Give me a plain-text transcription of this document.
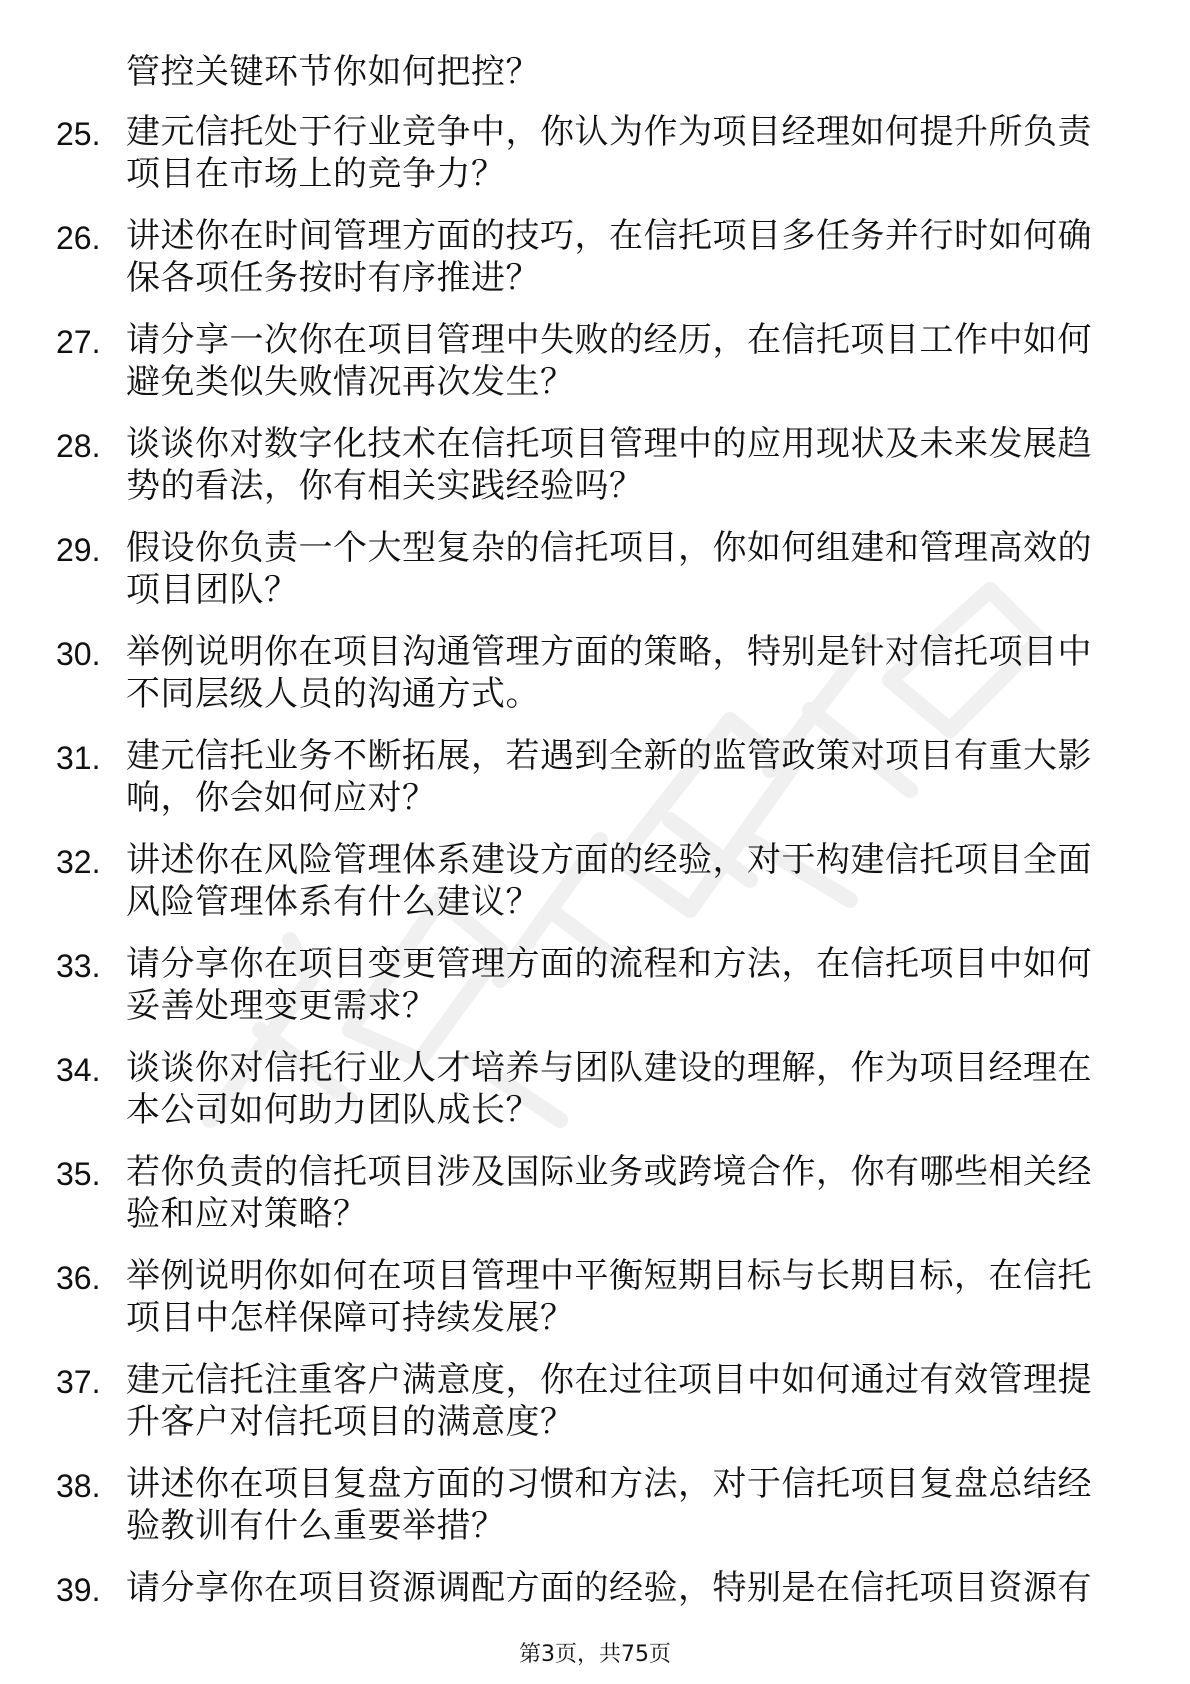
管控关键环节你如何把控？
25. 建元信托处于行业竞争中，你认为作为项目经理如何提升所负责
项目在市场上的竞争力？
26. 讲述你在时间管理方面的技巧，在信托项目多任务并行时如何确
保各项任务按时有序推进？
27. 请分享一次你在项目管理中失败的经历，在信托项目工作中如何
避免类似失败情况再次发生？
28. 谈谈你对数字化技术在信托项目管理中的应用现状及未来发展趋
势的看法，你有相关实践经验吗？
29. 假设你负责一个大型复杂的信托项目，你如何组建和管理高效的
项目团队？
30. 举例说明你在项目沟通管理方面的策略，特别是针对信托项目中
不同层级人员的沟通方式。
31. 建元信托业务不断拓展，若遇到全新的监管政策对项目有重大影
响，你会如何应对？
32. 讲述你在风险管理体系建设方面的经验，对于构建信托项目全面
风险管理体系有什么建议？
33. 请分享你在项目变更管理方面的流程和方法，在信托项目中如何
妥善处理变更需求？
34. 谈谈你对信托行业人才培养与团队建设的理解，作为项目经理在
本公司如何助力团队成长？
35. 若你负责的信托项目涉及国际业务或跨境合作，你有哪些相关经
验和应对策略？
36. 举例说明你如何在项目管理中平衡短期目标与长期目标，在信托
项目中怎样保障可持续发展？
37. 建元信托注重客户满意度，你在过往项目中如何通过有效管理提
升客户对信托项目的满意度？
38. 讲述你在项目复盘方面的习惯和方法，对于信托项目复盘总结经
验教训有什么重要举措？
39. 请分享你在项目资源调配方面的经验，特别是在信托项目资源有
第3页，共75页
